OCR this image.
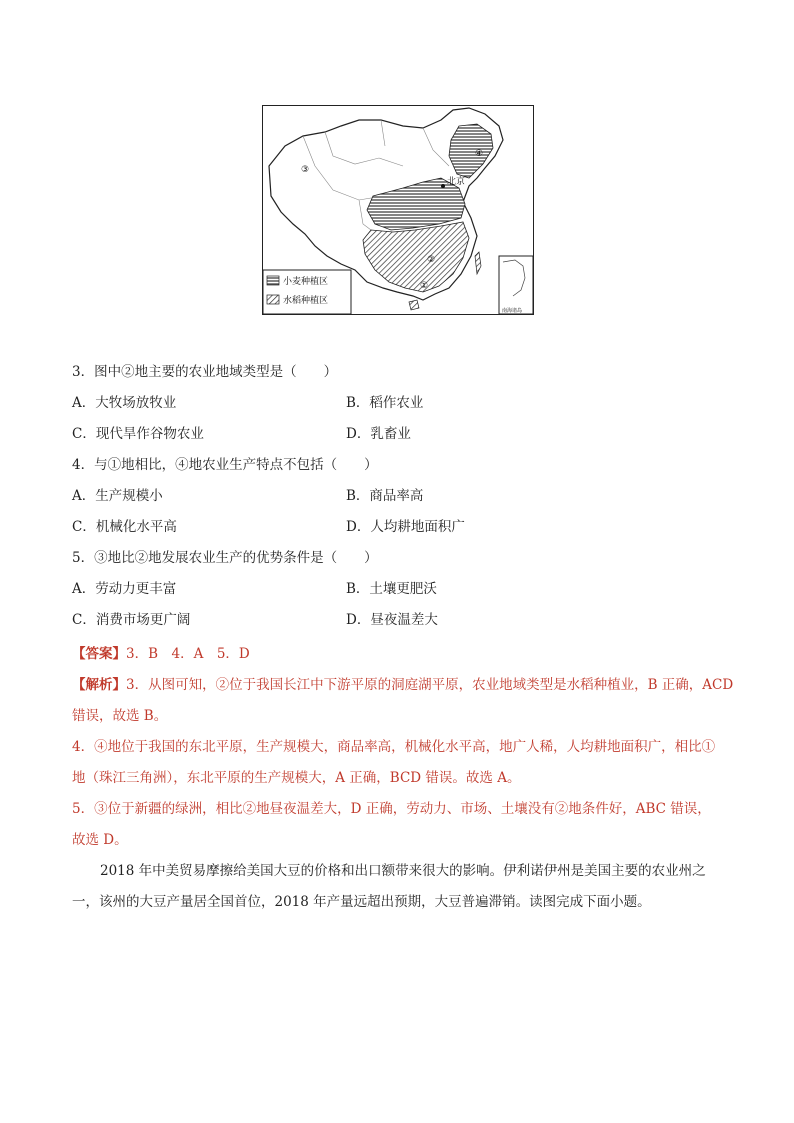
北京
①
②
③
④
小麦种植区
水稻种植区
南海诸岛
3．图中②地主要的农业地域类型是（　　）
A．大牧场放牧业	B．稻作农业
C．现代旱作谷物农业	D．乳畜业
4．与①地相比，④地农业生产特点不包括（　　）
A．生产规模小	B．商品率高
C．机械化水平高	D．人均耕地面积广
5．③地比②地发展农业生产的优势条件是（　　）
A．劳动力更丰富	B．土壤更肥沃
C．消费市场更广阔	D．昼夜温差大
【答案】3．B　4．A　5．D
【解析】3．从图可知，②位于我国长江中下游平原的洞庭湖平原，农业地域类型是水稻种植业，B 正确，ACD
错误，故选 B。
4．④地位于我国的东北平原，生产规模大，商品率高，机械化水平高，地广人稀，人均耕地面积广，相比①
地（珠江三角洲），东北平原的生产规模大，A 正确，BCD 错误。故选 A。
5．③位于新疆的绿洲，相比②地昼夜温差大，D 正确，劳动力、市场、土壤没有②地条件好，ABC 错误，
故选 D。
2018 年中美贸易摩擦给美国大豆的价格和出口额带来很大的影响。伊利诺伊州是美国主要的农业州之一，该州的大豆产量居全国首位，2018 年产量远超出预期，大豆普遍滞销。读图完成下面小题。
